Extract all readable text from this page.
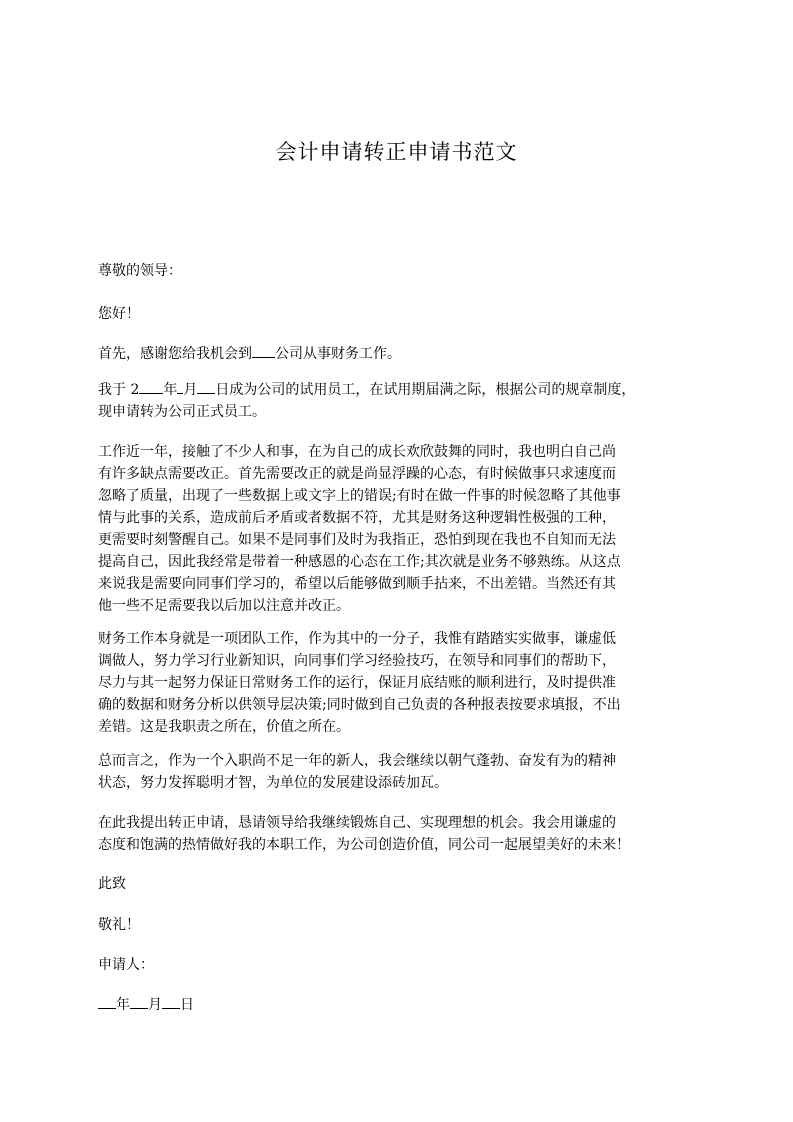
会计申请转正申请书范文

尊敬的领导：

您好！

首先，感谢您给我机会到 公司从事财务工作。

我于 2 年 月 日成为公司的试用员工，在试用期届满之际，根据公司的规章制度，
现申请转为公司正式员工。

工作近一年，接触了不少人和事，在为自己的成长欢欣鼓舞的同时，我也明白自己尚
有许多缺点需要改正。首先需要改正的就是尚显浮躁的心态，有时候做事只求速度而
忽略了质量，出现了一些数据上或文字上的错误;有时在做一件事的时候忽略了其他事
情与此事的关系，造成前后矛盾或者数据不符，尤其是财务这种逻辑性极强的工种，
更需要时刻警醒自己。如果不是同事们及时为我指正，恐怕到现在我也不自知而无法
提高自己，因此我经常是带着一种感恩的心态在工作;其次就是业务不够熟练。从这点
来说我是需要向同事们学习的，希望以后能够做到顺手拈来，不出差错。当然还有其
他一些不足需要我以后加以注意并改正。

财务工作本身就是一项团队工作，作为其中的一分子，我惟有踏踏实实做事，谦虚低
调做人，努力学习行业新知识，向同事们学习经验技巧，在领导和同事们的帮助下，
尽力与其一起努力保证日常财务工作的运行，保证月底结账的顺利进行，及时提供准
确的数据和财务分析以供领导层决策;同时做到自己负责的各种报表按要求填报，不出
差错。这是我职责之所在，价值之所在。

总而言之，作为一个入职尚不足一年的新人，我会继续以朝气蓬勃、奋发有为的精神
状态，努力发挥聪明才智，为单位的发展建设添砖加瓦。

在此我提出转正申请，恳请领导给我继续锻炼自己、实现理想的机会。我会用谦虚的
态度和饱满的热情做好我的本职工作，为公司创造价值，同公司一起展望美好的未来！

此致

敬礼！

申请人：

年 月 日
